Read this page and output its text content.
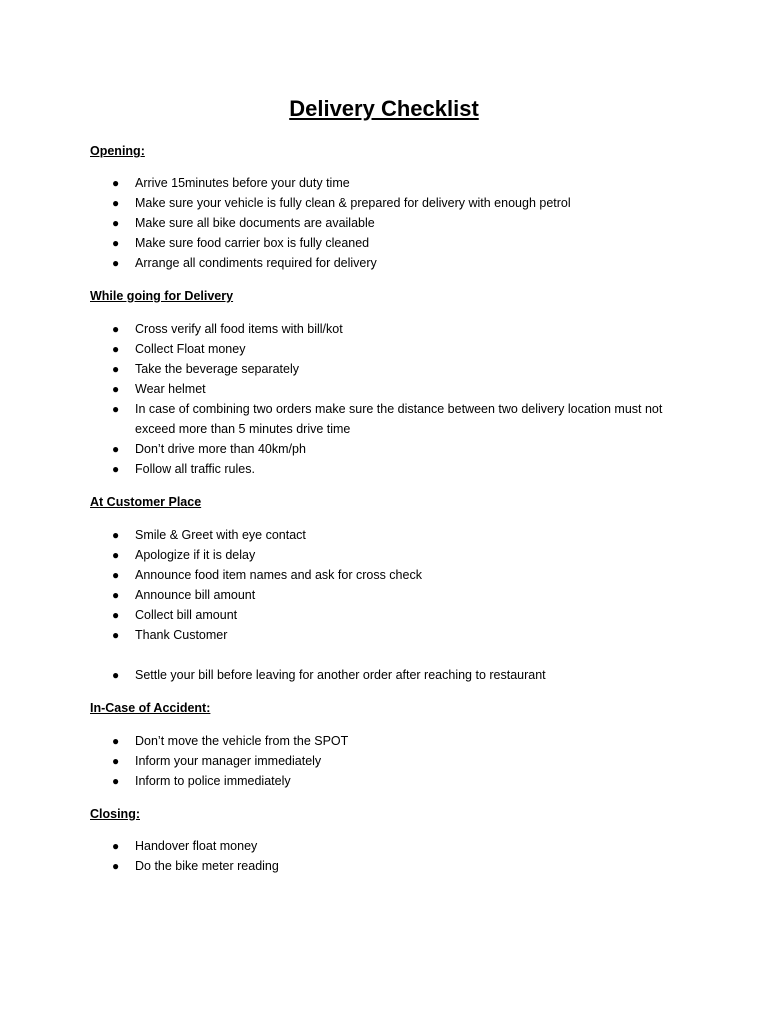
Delivery Checklist
Opening:
● Arrive 15minutes before your duty time
● Make sure your vehicle is fully clean & prepared for delivery with enough petrol
● Make sure all bike documents are available
● Make sure food carrier box is fully cleaned
● Arrange all condiments required for delivery
While going for Delivery
● Cross verify all food items with bill/kot
● Collect Float money
● Take the beverage separately
● Wear helmet
● In case of combining two orders make sure the distance between two delivery location must not exceed more than 5 minutes drive time
● Don’t drive more than 40km/ph
● Follow all traffic rules.
At Customer Place
● Smile & Greet with eye contact
● Apologize if it is delay
● Announce food item names and ask for cross check
● Announce bill amount
● Collect bill amount
● Thank Customer
● Settle your bill before leaving for another order after reaching to restaurant
In-Case of Accident:
● Don’t move the vehicle from the SPOT
● Inform your manager immediately
● Inform to police immediately
Closing:
● Handover float money
● Do the bike meter reading
